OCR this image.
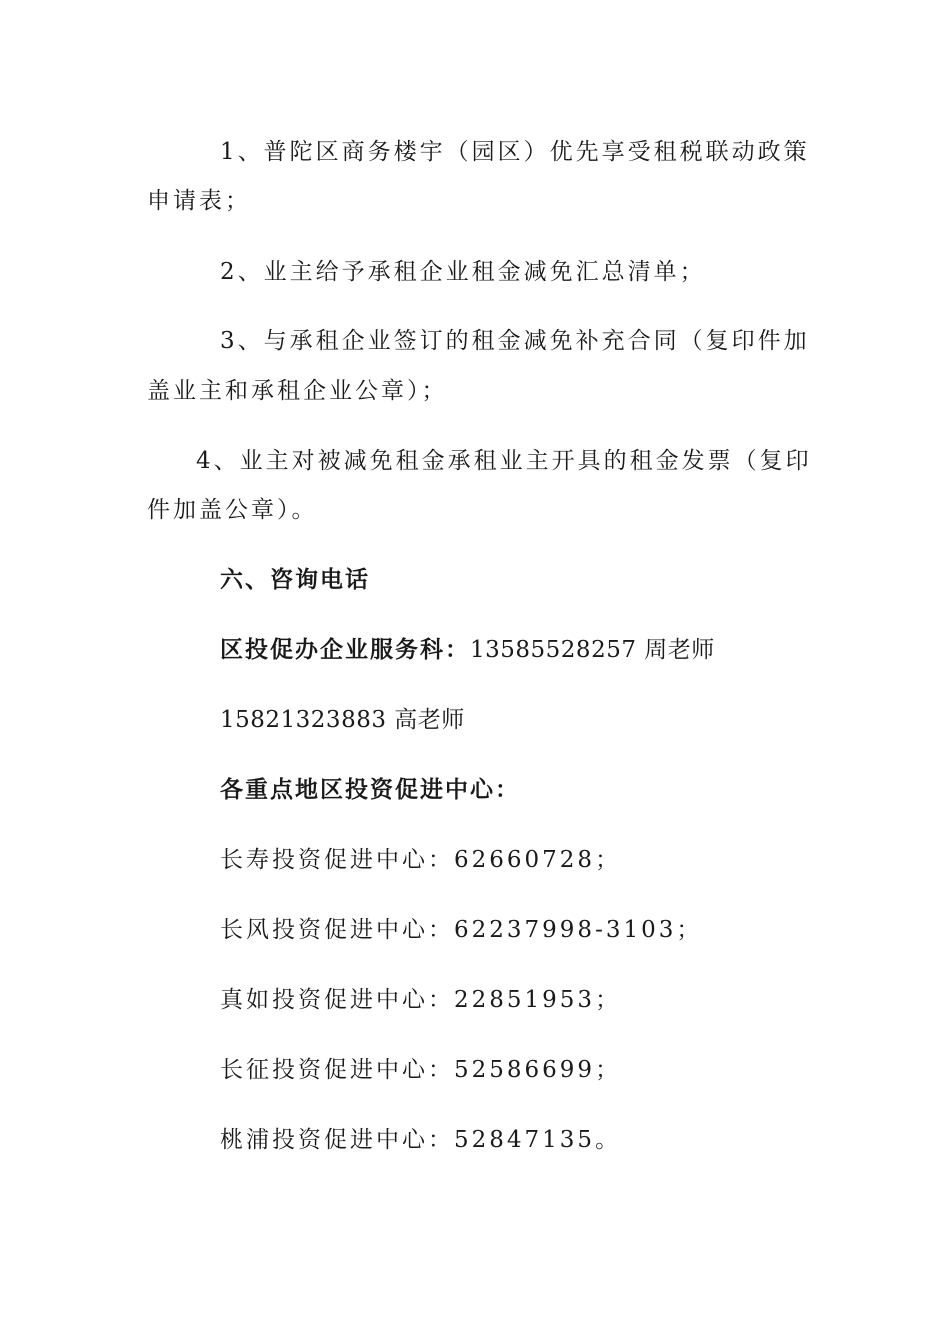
1、普陀区商务楼宇（园区）优先享受租税联动政策
申请表；
2、业主给予承租企业租金减免汇总清单；
3、与承租企业签订的租金减免补充合同（复印件加
盖业主和承租企业公章）；
4、业主对被减免租金承租业主开具的租金发票（复印
件加盖公章）。
六、咨询电话
区投促办企业服务科：13585528257 周老师
15821323883 高老师
各重点地区投资促进中心：
长寿投资促进中心：62660728；
长风投资促进中心：62237998-3103；
真如投资促进中心：22851953；
长征投资促进中心：52586699；
桃浦投资促进中心：52847135。
